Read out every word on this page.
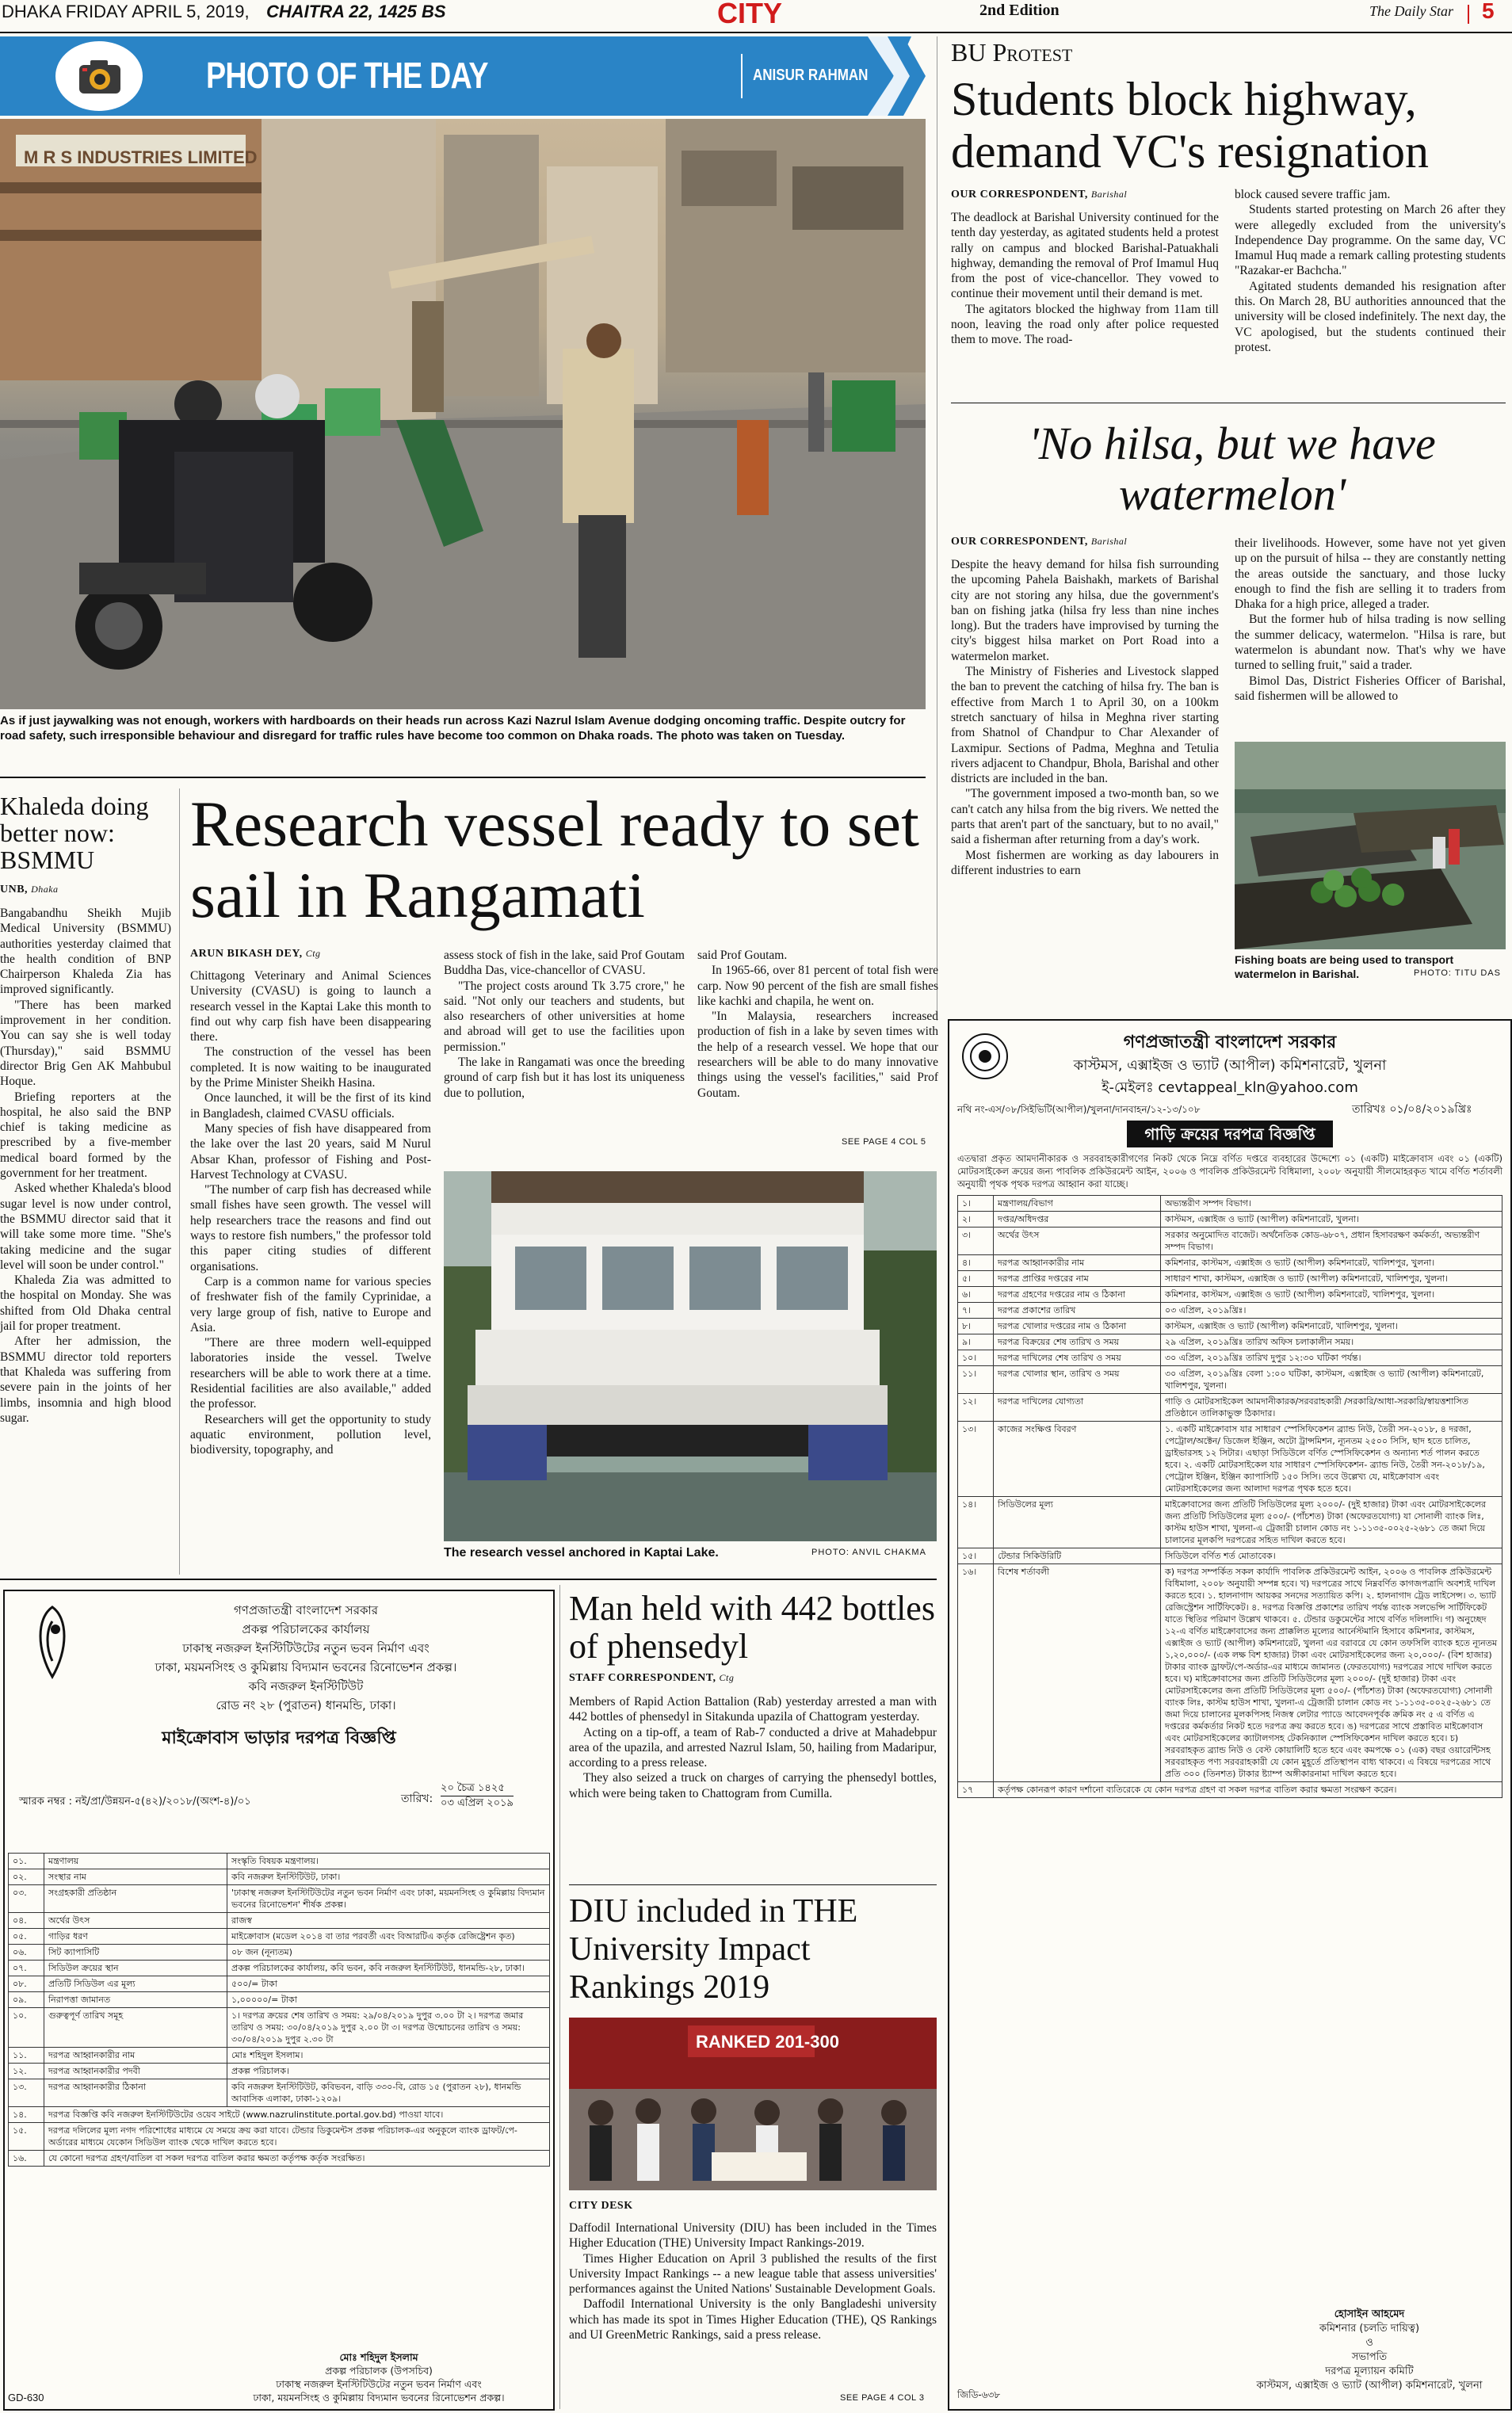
DHAKA FRIDAY APRIL 5, 2019, CHAITRA 22, 1425 BS	CITY	2nd Edition	The Daily Star 5
PHOTO OF THE DAY	ANISUR RAHMAN
M R S INDUSTRIES LIMITED

As if just jaywalking was not enough, workers with hardboards on their heads run across Kazi Nazrul Islam Avenue dodging oncoming traffic. Despite outcry for road safety, such irresponsible behaviour and disregard for traffic rules have become too common on Dhaka roads. The photo was taken on Tuesday.

BU Protest
Students block highway, demand VC's resignation
OUR CORRESPONDENT, Barishal

The deadlock at Barishal University continued for the tenth day yesterday, as agitated students held a protest rally on campus and blocked Barishal-Patuakhali highway, demanding the removal of Prof Imamul Huq from the post of vice-chancellor. They vowed to continue their movement until their demand is met.

The agitators blocked the highway from 11am till noon, leaving the road only after police requested them to move. The road-

block caused severe traffic jam.

Students started protesting on March 26 after they were allegedly excluded from the university's Independence Day programme. On the same day, VC Imamul Huq made a remark calling protesting students "Razakar-er Bachcha."

Agitated students demanded his resignation after this. On March 28, BU authorities announced that the university will be closed indefinitely. The next day, the VC apologised, but the students continued their protest.

'No hilsa, but we have watermelon'
OUR CORRESPONDENT, Barishal

Despite the heavy demand for hilsa fish surrounding the upcoming Pahela Baishakh, markets of Barishal city are not storing any hilsa, due the government's ban on fishing jatka (hilsa fry less than nine inches long). But the traders have improvised by turning the city's biggest hilsa market on Port Road into a watermelon market.

The Ministry of Fisheries and Livestock slapped the ban to prevent the catching of hilsa fry. The ban is effective from March 1 to April 30, on a 100km stretch sanctuary of hilsa in Meghna river starting from Shatnol of Chandpur to Char Alexander of Laxmipur. Sections of Padma, Meghna and Tetulia rivers adjacent to Chandpur, Bhola, Barishal and other districts are included in the ban.

"The government imposed a two-month ban, so we can't catch any hilsa from the big rivers. We netted the parts that aren't part of the sanctuary, but to no avail," said a fisherman after returning from a day's work.

Most fishermen are working as day labourers in different industries to earn

their livelihoods. However, some have not yet given up on the pursuit of hilsa -- they are constantly netting the areas outside the sanctuary, and those lucky enough to find the fish are selling it to traders from Dhaka for a high price, alleged a trader.

But the former hub of hilsa trading is now selling the summer delicacy, watermelon. "Hilsa is rare, but watermelon is abundant now. That's why we have turned to selling fruit," said a trader.

Bimol Das, District Fisheries Officer of Barishal, said fishermen will be allowed to

Fishing boats are being used to transport watermelon in Barishal.	PHOTO: TITU DAS
Khaleda doing better now: BSMMU
UNB, Dhaka

Bangabandhu Sheikh Mujib Medical University (BSMMU) authorities yesterday claimed that the health condition of BNP Chairperson Khaleda Zia has improved significantly.

"There has been marked improvement in her condition. You can say she is well today (Thursday)," said BSMMU director Brig Gen AK Mahbubul Hoque.

Briefing reporters at the hospital, he also said the BNP chief is taking medicine as prescribed by a five-member medical board formed by the government for her treatment.

Asked whether Khaleda's blood sugar level is now under control, the BSMMU director said that it will take some more time. "She's taking medicine and the sugar level will soon be under control."

Khaleda Zia was admitted to the hospital on Monday. She was shifted from Old Dhaka central jail for proper treatment.

After her admission, the BSMMU director told reporters that Khaleda was suffering from severe pain in the joints of her limbs, insomnia and high blood sugar.

Research vessel ready to set sail in Rangamati
ARUN BIKASH DEY, Ctg

Chittagong Veterinary and Animal Sciences University (CVASU) is going to launch a research vessel in the Kaptai Lake this month to find out why carp fish have been disappearing there.

The construction of the vessel has been completed. It is now waiting to be inaugurated by the Prime Minister Sheikh Hasina.

Once launched, it will be the first of its kind in Bangladesh, claimed CVASU officials.

Many species of fish have disappeared from the lake over the last 20 years, said M Nurul Absar Khan, professor of Fishing and Post-Harvest Technology at CVASU.

"The number of carp fish has decreased while small fishes have seen growth. The vessel will help researchers trace the reasons and find out ways to restore fish numbers," the professor told this paper citing studies of different organisations.

Carp is a common name for various species of freshwater fish of the family Cyprinidae, a very large group of fish, native to Europe and Asia.

"There are three modern well-equipped laboratories inside the vessel. Twelve researchers will be able to work there at a time. Residential facilities are also available," added the professor.

Researchers will get the opportunity to study aquatic environment, pollution level, biodiversity, topography, and

assess stock of fish in the lake, said Prof Goutam Buddha Das, vice-chancellor of CVASU.

"The project costs around Tk 3.75 crore," he said. "Not only our teachers and students, but also researchers of other universities at home and abroad will get to use the facilities upon permission."

The lake in Rangamati was once the breeding ground of carp fish but it has lost its uniqueness due to pollution,

said Prof Goutam.

In 1965-66, over 81 percent of total fish were carp. Now 90 percent of the fish are small fishes like kachki and chapila, he went on.

"In Malaysia, researchers increased production of fish in a lake by seven times with the help of a research vessel. We hope that our researchers will be able to do many innovative things using the vessel's facilities," said Prof Goutam.

SEE PAGE 4 COL 5

The research vessel anchored in Kaptai Lake.	PHOTO: ANVIL CHAKMA
গণপ্রজাতন্ত্রী বাংলাদেশ সরকার
কাস্টমস, এক্সাইজ ও ভ্যাট (আপীল) কমিশনারেট, খুলনা
ই-মেইলঃ cevtappeal_kln@yahoo.com
নথি নং-এস/০৮/সিইভিটি(আপীল)/খুলনা/দানবাহন/১২-১৩/১০৮	তারিখঃ ০১/০৪/২০১৯খ্রিঃ
গাড়ি ক্রয়ের দরপত্র বিজ্ঞপ্তি

এতদ্বারা প্রকৃত আমদানীকারক ও সরবরাহকারীগণের নিকট থেকে নিম্নে বর্ণিত দপ্তরে ব্যবহারের উদ্দেশ্যে ০১ (একটি) মাইক্রোবাস এবং ০১ (একটি) মোটরসাইকেল ক্রয়ের জন্য পাবলিক প্রকিউরমেন্ট আইন, ২০০৬ ও পাবলিক প্রকিউরমেন্ট বিধিমালা, ২০০৮ অনুযায়ী সীলমোহরকৃত খামে বর্ণিত শর্তাবলী অনুযায়ী পৃথক পৃথক দরপত্র আহ্বান করা যাচ্ছে।

১।	মন্ত্রণালয়/বিভাগ	অভ্যন্তরীণ সম্পদ বিভাগ।
২।	দপ্তর/অধিদপ্তর	কাস্টমস, এক্সাইজ ও ভ্যাট (আপীল) কমিশনারেট, খুলনা।
৩।	অর্থের উৎস	সরকার অনুমোদিত বাজেট। অর্থনৈতিক কোড-৬৮০৭, প্রধান হিসাবরক্ষণ কর্মকর্তা, অভ্যন্তরীণ সম্পদ বিভাগ।
৪।	দরপত্র আহ্বানকারীর নাম	কমিশনার, কাস্টমস, এক্সাইজ ও ভ্যাট (আপীল) কমিশনারেট, খালিশপুর, খুলনা।
৫।	দরপত্র প্রাপ্তির দপ্তরের নাম	সাধারণ শাখা, কাস্টমস, এক্সাইজ ও ভ্যাট (আপীল) কমিশনারেট, খালিশপুর, খুলনা।
৬।	দরপত্র গ্রহণের দপ্তরের নাম ও ঠিকানা	কমিশনার, কাস্টমস, এক্সাইজ ও ভ্যাট (আপীল) কমিশনারেট, খালিশপুর, খুলনা।
৭।	দরপত্র প্রকাশের তারিখ	০৩ এপ্রিল, ২০১৯খ্রিঃ।
৮।	দরপত্র খোলার দপ্তরের নাম ও ঠিকানা	কাস্টমস, এক্সাইজ ও ভ্যাট (আপীল) কমিশনারেট, খালিশপুর, খুলনা।
৯।	দরপত্র বিক্রয়ের শেষ তারিখ ও সময়	২৯ এপ্রিল, ২০১৯খ্রিঃ তারিখ অফিস চলাকালীন সময়।
১০।	দরপত্র দাখিলের শেষ তারিখ ও সময়	৩০ এপ্রিল, ২০১৯খ্রিঃ তারিখ দুপুর ১২:৩০ ঘটিকা পর্যন্ত।
১১।	দরপত্র খোলার স্থান, তারিখ ও সময়	৩০ এপ্রিল, ২০১৯খ্রিঃ বেলা ১:০০ ঘটিকা, কাস্টমস, এক্সাইজ ও ভ্যাট (আপীল) কমিশনারেট, খালিশপুর, খুলনা।
১২।	দরপত্র দাখিলের যোগ্যতা	গাড়ি ও মোটরসাইকেল আমদানীকারক/সরবরাহকারী /সরকারি/আধা-সরকারি/স্বায়ত্তশাসিত প্রতিষ্ঠানে তালিকাভুক্ত ঠিকাদার।
১৩।	কাজের সংক্ষিপ্ত বিবরণ	১. একটি মাইক্রোবাস যার সাধারণ স্পেসিফিকেশন ব্র্যান্ড নিউ, তৈরী সন-২০১৮, ৪ দরজা, পেট্রোল/অক্টেন/ ডিজেল ইঞ্জিন, অটো ট্রান্সমিশন, ন্যূনতম ২৫০০ সিসি, ছাদ হতে চালিত, ড্রাইভারসহ ১২ সিটার। এছাড়া সিডিউলে বর্ণিত স্পেসিফিকেশন ও অন্যান্য শর্ত পালন করতে হবে। ২. একটি মোটরসাইকেল যার সাধারণ স্পেসিফিকেশন- ব্র্যান্ড নিউ, তৈরী সন-২০১৮/১৯, পেট্রোল ইঞ্জিন, ইঞ্জিন ক্যাপাসিটি ১৫০ সিসি। তবে উল্লেখ্য যে, মাইক্রোবাস এবং মোটরসাইকেলের জন্য আলাদা দরপত্র পৃথক হতে হবে।
১৪।	সিডিউলের মূল্য	মাইক্রোবাসের জন্য প্রতিটি সিডিউলের মূল্য ২০০০/- (দুই হাজার) টাকা এবং মোটরসাইকেলের জন্য প্রতিটি সিডিউলের মূল্য ৫০০/- (পাঁচশত) টাকা (অফেরতযোগ্য) যা সোনালী ব্যাংক লিঃ, কাস্টম হাউস শাখা, খুলনা-এ ট্রেজারী চালান কোড নং ১-১১৩৫-০০২৫-২৬৮১ তে জমা দিয়ে চালানের মূলকপি দরপত্রের সহিত দাখিল করতে হবে।
১৫।	টেন্ডার সিকিউরিটি	সিডিউলে বর্ণিত শর্ত মোতাবেক।
১৬।	বিশেষ শর্তাবলী	ক) দরপত্র সম্পর্কিত সকল কার্যাদি পাবলিক প্রকিউরমেন্ট আইন, ২০০৬ ও পাবলিক প্রকিউরমেন্ট বিধিমালা, ২০০৮ অনুযায়ী সম্পন্ন হবে। খ) দরপত্রের সাথে নিম্নবর্ণিত কাগজপত্রাদি অবশ্যই দাখিল করতে হবে। ১. হালনাগাদ আয়কর সনদের সত্যায়িত কপি। ২. হালনাগাদ ট্রেড লাইসেন্স। ৩. ভ্যাট রেজিস্ট্রেশন সার্টিফিকেট। ৪. দরপত্র বিজ্ঞপ্তি প্রকাশের তারিখ পর্যন্ত ব্যাংক সলভেন্সি সার্টিফিকেট যাতে স্থিতির পরিমাণ উল্লেখ থাকবে। ৫. টেন্ডার ডকুমেন্টের সাথে বর্ণিত দলিলাদি। গ) অনুচ্ছেদ ১২-এ বর্ণিত মাইক্রোবাসের জন্য প্রাক্কলিত মূল্যের আর্নেস্টমানি হিসাবে কমিশনার, কাস্টমস, এক্সাইজ ও ভ্যাট (আপীল) কমিশনারেট, খুলনা এর বরাবরে যে কোন তফসিলি ব্যাংক হতে ন্যূনতম ১,২০,০০০/- (এক লক্ষ বিশ হাজার) টাকা এবং মোটরসাইকেলের জন্য ২০,০০০/- (বিশ হাজার) টাকার ব্যাংক ড্রাফট/পে-অর্ডার-এর মাধ্যমে জামানত (ফেরতযোগ্য) দরপত্রের সাথে দাখিল করতে হবে। ঘ) মাইক্রোবাসের জন্য প্রতিটি সিডিউলের মূল্য ২০০০/- (দুই হাজার) টাকা এবং মোটরসাইকেলের জন্য প্রতিটি সিডিউলের মূল্য ৫০০/- (পাঁচশত) টাকা (অফেরতযোগ্য) সোনালী ব্যাংক লিঃ, কাস্টম হাউস শাখা, খুলনা-এ ট্রেজারী চালান কোড নং ১-১১৩৫-০০২৫-২৬৮১ তে জমা দিয়ে চালানের মূলকপিসহ নিজস্ব লেটার প্যাডে আবেদনপূর্বক ক্রমিক নং ৫ এ বর্ণিত এ দপ্তরের কর্মকর্তার নিকট হতে দরপত্র ক্রয় করতে হবে। ঙ) দরপত্রের সাথে প্রস্তাবিত মাইক্রোবাস এবং মোটরসাইকেলের ক্যাটালগসহ টেকনিক্যাল স্পেসিফিকেশন দাখিল করতে হবে। চ) সরবরাহকৃত ব্র্যান্ড নিউ ও বেস্ট কোয়ালিটি হতে হবে এবং কমপক্ষে ০১ (এক) বছর ওয়ারেন্টিসহ সরবরাহকৃত পণ্য সরবরাহকারী যে কোন মুহূর্তে প্রতিস্থাপন বাধ্য থাকবে। এ বিষয়ে দরপত্রের সাথে প্রতি ৩০০ (তিনশত) টাকার ষ্ট্যাম্প অঙ্গীকারনামা দাখিল করতে হবে।
১৭	কর্তৃপক্ষ কোনরূপ কারণ দর্শানো ব্যতিরেকে যে কোন দরপত্র গ্রহণ বা সকল দরপত্র বাতিল করার ক্ষমতা সংরক্ষণ করেন।	
হোসাইন আহমেদ
কমিশনার (চলতি দায়িত্ব)
ও
সভাপতি
দরপত্র মূল্যায়ন কমিটি
কাস্টমস, এক্সাইজ ও ভ্যাট (আপীল) কমিশনারেট, খুলনা
জিডি-৬৩৮
গণপ্রজাতন্ত্রী বাংলাদেশ সরকার
প্রকল্প পরিচালকের কার্যালয়
ঢাকাস্থ নজরুল ইনস্টিটিউটের নতুন ভবন নির্মাণ এবং
ঢাকা, ময়মনসিংহ ও কুমিল্লায় বিদ্যমান ভবনের রিনোভেশন প্রকল্প।
কবি নজরুল ইনস্টিটিউট
রোড নং ২৮ (পুরাতন) ধানমন্ডি, ঢাকা।
মাইক্রোবাস ভাড়ার দরপত্র বিজ্ঞপ্তি
স্মারক নম্বর : নই/প্রা/উন্নয়ন-৫(৪২)/২০১৮/(অংশ-৪)/০১	তারিখ:
২০ চৈত্র ১৪২৫
০৩ এপ্রিল ২০১৯
০১.	মন্ত্রণালয়	সংস্কৃতি বিষয়ক মন্ত্রণালয়।
০২.	সংস্থার নাম	কবি নজরুল ইনস্টিটিউট, ঢাকা।
০৩.	সংগ্রহকারী প্রতিষ্ঠান	'ঢাকাস্থ নজরুল ইনস্টিটিউটের নতুন ভবন নির্মাণ এবং ঢাকা, ময়মনসিংহ ও কুমিল্লায় বিদ্যমান ভবনের রিনোভেশন' শীর্ষক প্রকল্প।
০৪.	অর্থের উৎস	রাজস্ব
০৫.	গাড়ির ধরণ	মাইক্রোবাস (মডেল ২০১৪ বা তার পরবর্তী এবং বিআরটিএ কর্তৃক রেজিষ্ট্রেশন কৃত)
০৬.	সিট ক্যাপাসিটি	০৮ জন (নূন্যতম)
০৭.	সিডিউল ক্রয়ের স্থান	প্রকল্প পরিচালকের কার্যালয়, কবি ভবন, কবি নজরুল ইনস্টিটিউট, ধানমন্ডি-২৮, ঢাকা।
০৮.	প্রতিটি সিডিউল এর মূল্য	৫০০/= টাকা
০৯.	নিরাপত্তা জামানত	১,০০০০০/= টাকা
১০.	গুরুত্বপূর্ণ তারিখ সমূহ	১। দরপত্র ক্রয়ের শেষ তারিখ ও সময়: ২৯/০৪/২০১৯ দুপুর ৩.০০ টা ২। দরপত্র জমার তারিখ ও সময়: ৩০/০৪/২০১৯ দুপুর ২.০০ টা ৩। দরপত্র উন্মোচনের তারিখ ও সময়: ৩০/০৪/২০১৯ দুপুর ২.৩০ টা
১১.	দরপত্র আহ্বানকারীর নাম	মোঃ শহিদুল ইসলাম।
১২.	দরপত্র আহ্বানকারীর পদবী	প্রকল্প পরিচালক।
১৩.	দরপত্র আহ্বানকারীর ঠিকানা	কবি নজরুল ইনস্টিটিউট, কবিভবন, বাড়ি ৩৩০-বি, রোড ১৫ (পুরাতন ২৮), ধানমন্ডি আবাসিক এলাকা, ঢাকা-১২০৯।
১৪.	দরপত্র বিজ্ঞপ্তি কবি নজরুল ইনস্টিটিউটের ওয়েব সাইটে (www.nazrulinstitute.portal.gov.bd) পাওয়া যাবে।	
১৫.	দরপত্র দলিলের মূল্য নগদ পরিশোধের মাধ্যমে যে সময়ে ক্রয় করা যাবে। টেন্ডার ডিকুমেন্টস প্রকল্প পরিচালক-এর অনুকূলে ব্যাংক ড্রাফট/পে-অর্ডারের মাধ্যমে যেকোন সিডিউল ব্যাংক থেকে দাখিল করতে হবে।	
১৬.	যে কোনো দরপত্র গ্রহণ/বাতিল বা সকল দরপত্র বাতিল করার ক্ষমতা কর্তৃপক্ষ কর্তৃক সংরক্ষিত।	
মোঃ শহিদুল ইসলাম
প্রকল্প পরিচালক (উপসচিব)
ঢাকাস্থ নজরুল ইনস্টিটিউটের নতুন ভবন নির্মাণ এবং
ঢাকা, ময়মনসিংহ ও কুমিল্লায় বিদ্যমান ভবনের রিনোভেশন প্রকল্প।
GD-630
Man held with 442 bottles of phensedyl
STAFF CORRESPONDENT, Ctg

Members of Rapid Action Battalion (Rab) yesterday arrested a man with 442 bottles of phensedyl in Sitakunda upazila of Chattogram yesterday.

Acting on a tip-off, a team of Rab-7 conducted a drive at Mahadebpur area of the upazila, and arrested Nazrul Islam, 50, hailing from Madaripur, according to a press release.

They also seized a truck on charges of carrying the phensedyl bottles, which were being taken to Chattogram from Cumilla.

DIU included in THE University Impact Rankings 2019
RANKED 201-300
CITY DESK

Daffodil International University (DIU) has been included in the Times Higher Education (THE) University Impact Rankings-2019.

Times Higher Education on April 3 published the results of the first University Impact Rankings -- a new league table that assess universities' performances against the United Nations' Sustainable Development Goals.

Daffodil International University is the only Bangladeshi university which has made its spot in Times Higher Education (THE), QS Rankings and UI GreenMetric Rankings, said a press release.

SEE PAGE 4 COL 3
